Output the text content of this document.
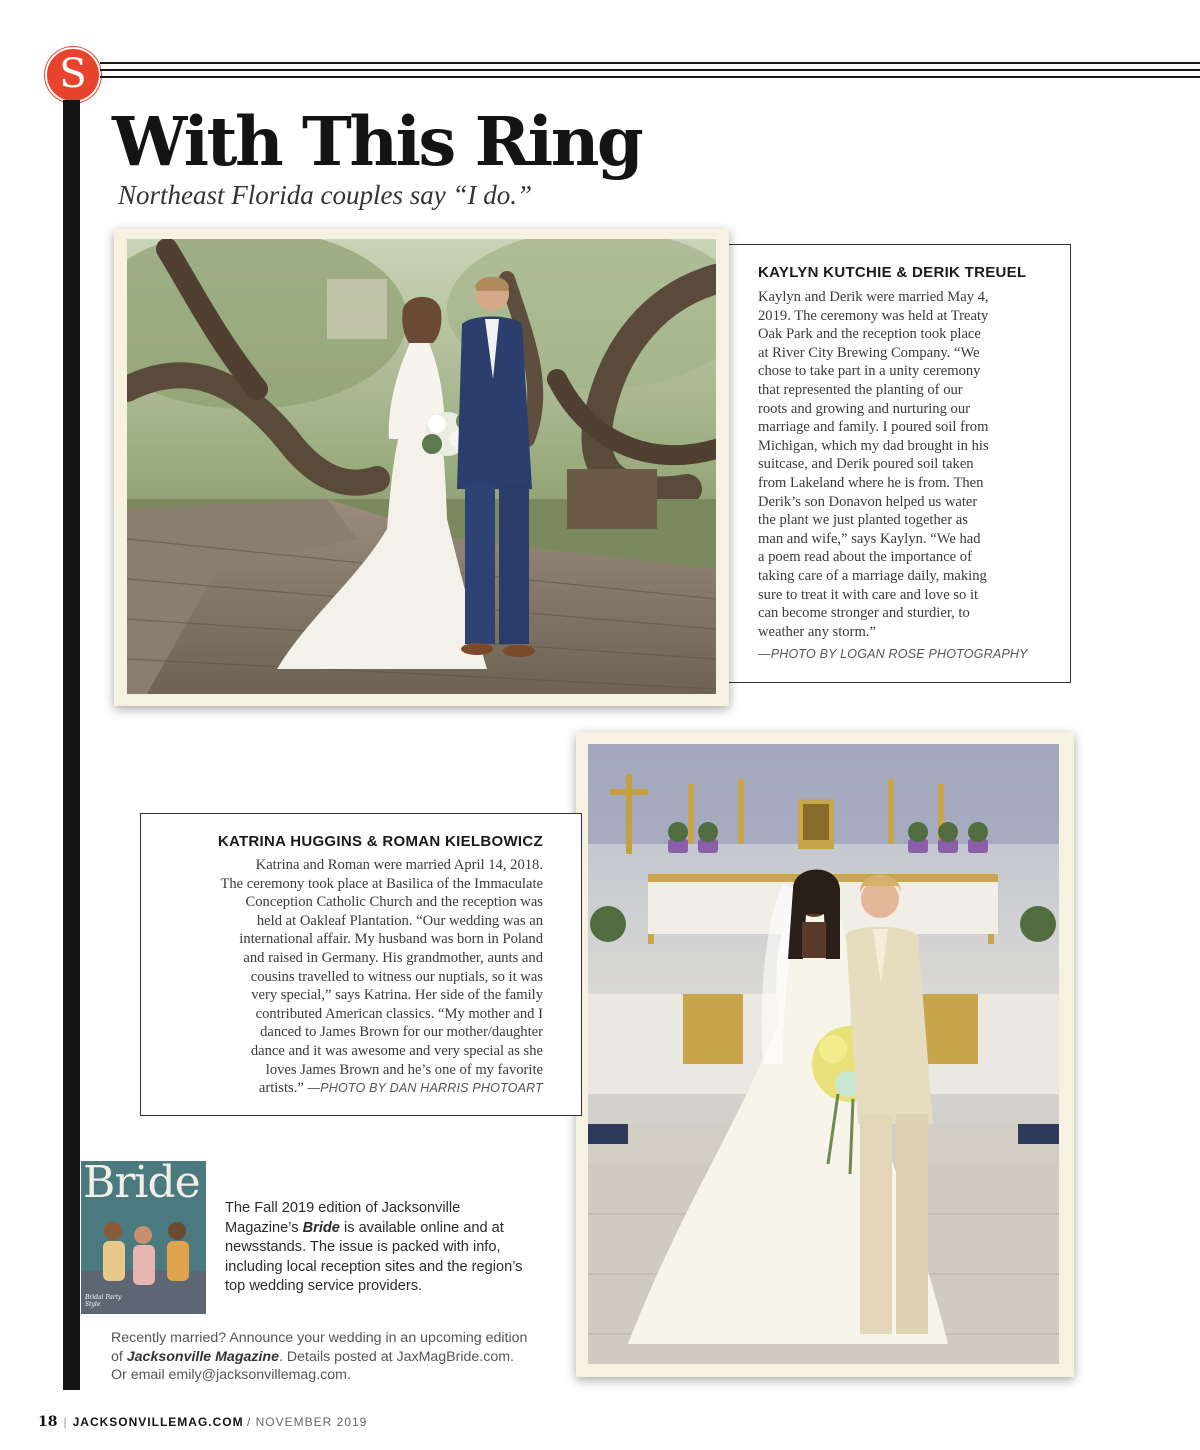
S
With This Ring
Northeast Florida couples say “I do.”
KAYLYN KUTCHIE & DERIK TREUEL
Kaylyn and Derik were married May 4,
2019. The ceremony was held at Treaty
Oak Park and the reception took place
at River City Brewing Company. “We
chose to take part in a unity ceremony
that represented the planting of our
roots and growing and nurturing our
marriage and family. I poured soil from
Michigan, which my dad brought in his
suitcase, and Derik poured soil taken
from Lakeland where he is from. Then
Derik’s son Donavon helped us water
the plant we just planted together as
man and wife,” says Kaylyn. “We had
a poem read about the importance of
taking care of a marriage daily, making
sure to treat it with care and love so it
can become stronger and sturdier, to
weather any storm.”
—PHOTO BY LOGAN ROSE PHOTOGRAPHY
KATRINA HUGGINS & ROMAN KIELBOWICZ
Katrina and Roman were married April 14, 2018.
The ceremony took place at Basilica of the Immaculate
Conception Catholic Church and the reception was
held at Oakleaf Plantation. “Our wedding was an
international affair. My husband was born in Poland
and raised in Germany. His grandmother, aunts and
cousins travelled to witness our nuptials, so it was
very special,” says Katrina. Her side of the family
contributed American classics. “My mother and I
danced to James Brown for our mother/daughter
dance and it was awesome and very special as she
loves James Brown and he’s one of my favorite
artists.” —PHOTO BY DAN HARRIS PHOTOART
Bride
Bridal Party Style
The Fall 2019 edition of Jacksonville Magazine’s Bride is available online and at newsstands. The issue is packed with info, including local reception sites and the region’s top wedding service providers.
Recently married? Announce your wedding in an upcoming edition of Jacksonville Magazine. Details posted at JaxMagBride.com. Or email emily@jacksonvillemag.com.
18 | JACKSONVILLEMAG.COM / NOVEMBER 2019
